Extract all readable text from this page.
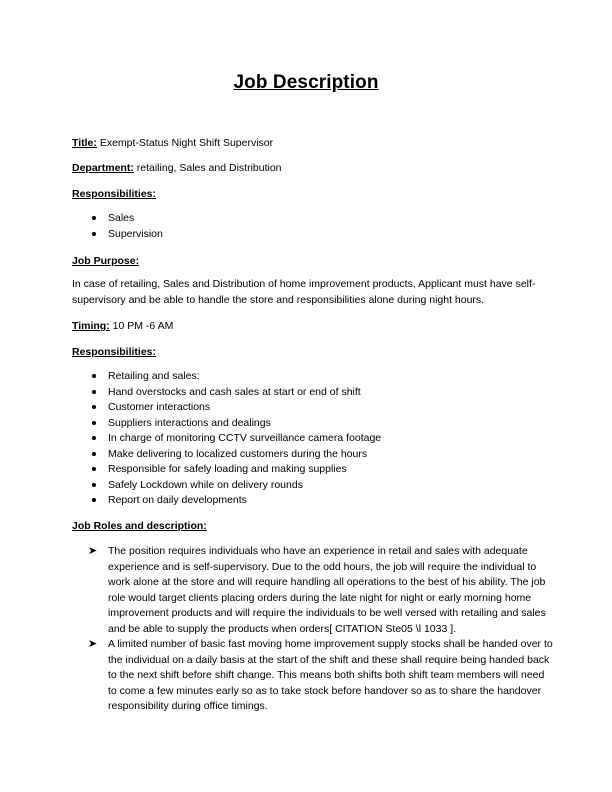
Job Description
Title: Exempt-Status Night Shift Supervisor
Department: retailing, Sales and Distribution
Responsibilities:
Sales
Supervision
Job Purpose:

In case of retailing, Sales and Distribution of home improvement products, Applicant must have self-

supervisory and be able to handle the store and responsibilities alone during night hours.

Timing: 10 PM -6 AM
Responsibilities:
Retailing and sales:
Hand overstocks and cash sales at start or end of shift
Customer interactions
Suppliers interactions and dealings
In charge of monitoring CCTV surveillance camera footage
Make delivering to localized customers during the hours
Responsible for safely loading and making supplies
Safely Lockdown while on delivery rounds
Report on daily developments
Job Roles and description:
➤ The position requires individuals who have an experience in retail and sales with adequate

experience and is self-supervisory. Due to the odd hours, the job will require the individual to

work alone at the store and will require handling all operations to the best of his ability. The job

role would target clients placing orders during the late night for night or early morning home

improvement products and will require the individuals to be well versed with retailing and sales

and be able to supply the products when orders[ CITATION Ste05 \l 1033 ].

➤ A limited number of basic fast moving home improvement supply stocks shall be handed over to

the individual on a daily basis at the start of the shift and these shall require being handed back

to the next shift before shift change. This means both shifts both shift team members will need

to come a few minutes early so as to take stock before handover so as to share the handover

responsibility during office timings.
